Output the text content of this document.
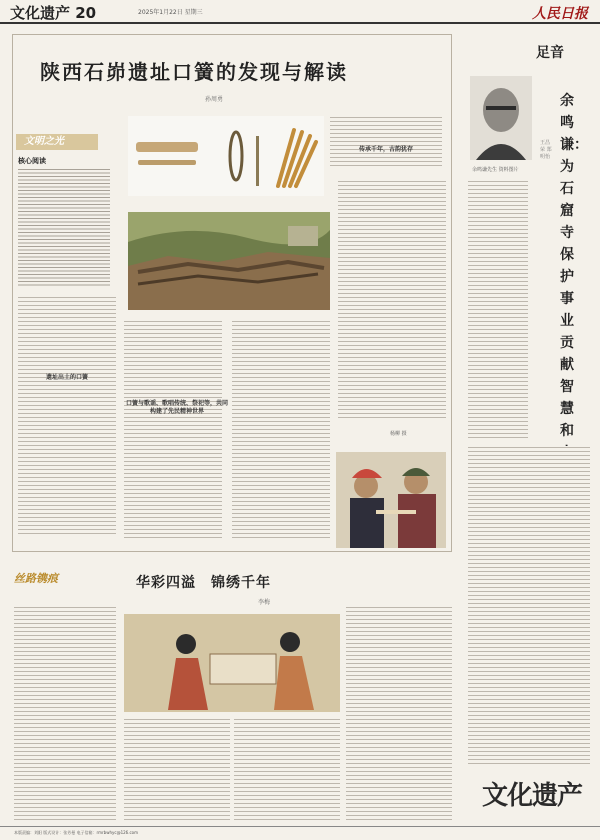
文化遗产 20	2025年1月22日 星期三	人民日报
陕西石峁遗址口簧的发现与解读
孙周勇
文明之光
核心阅读
传承千年，古韵犹存
遗址出土的口簧
口簧与歌谣、歌唱传统、祭祀等，共同构建了先民精神世界
杨柳 摄
足音
余鸣谦先生 资料图片
余鸣谦：为石窟寺保护事业贡献智慧和
王昌荣 郑明怡
文化遗产
丝路镌痕	华彩四溢　锦绣千年
李梅
本版责编：刘阳 版式设计：张芳曼 电子信箱：rmrbwhyc@126.com
